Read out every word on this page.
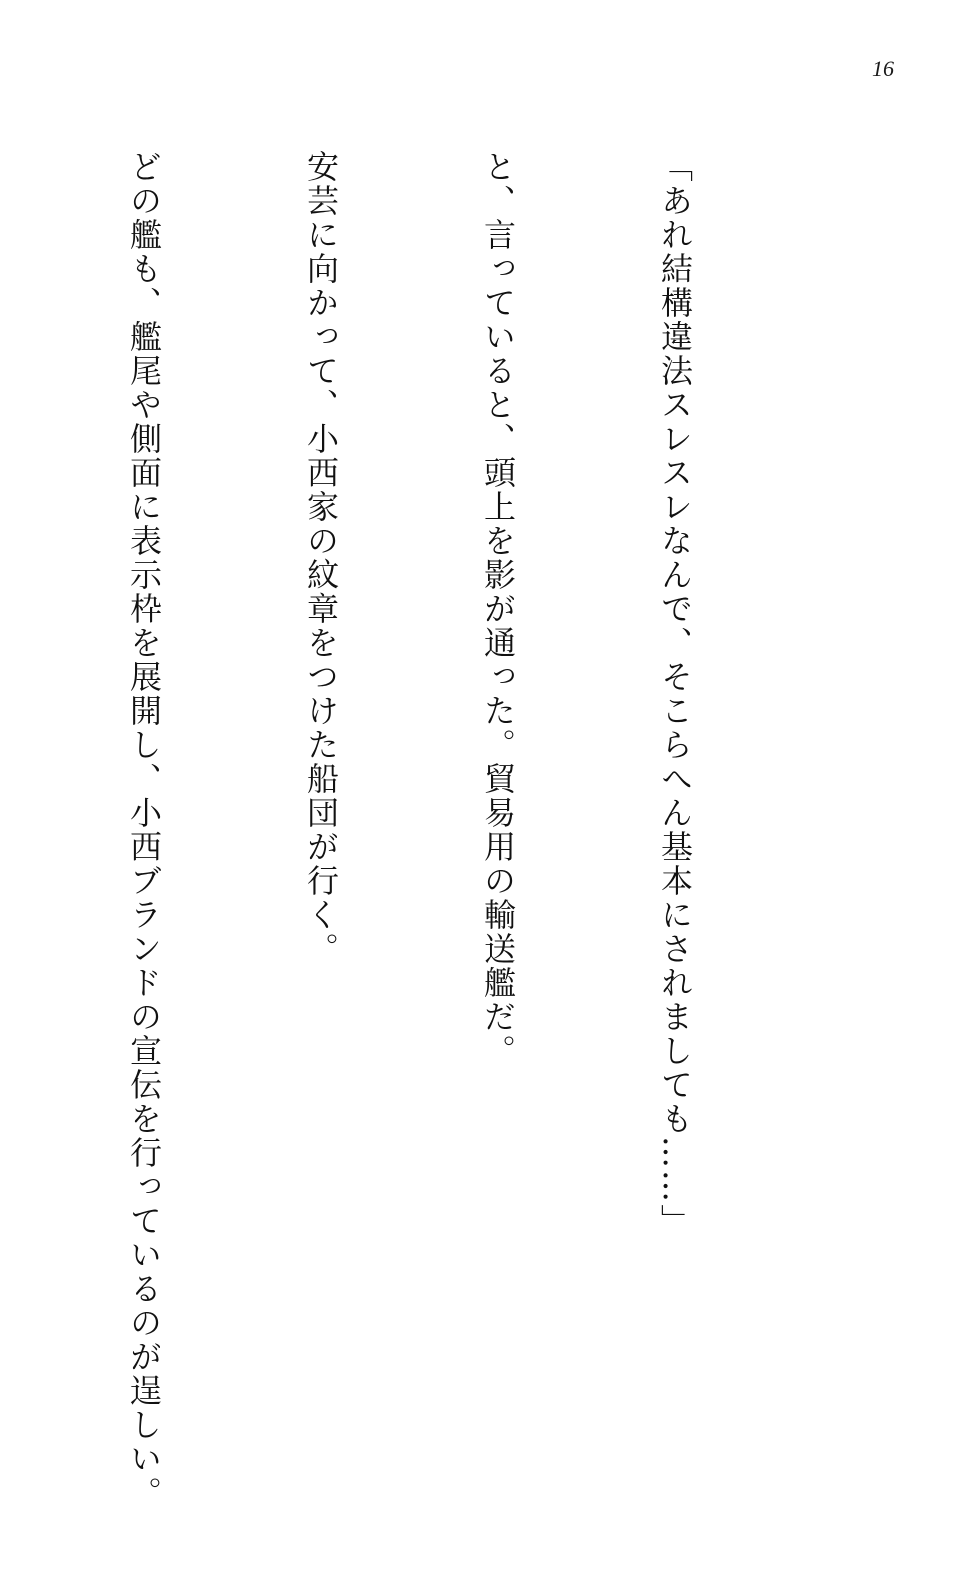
16

「あれ結構違法スレスレなんで、そこらへん基本にされましても……」

と、言っていると、頭上を影が通った。貿易用の輸送艦だ。

安芸に向かって、小西家の紋章をつけた船団が行く。

どの艦も、艦尾や側面に表示枠を展開し、小西ブランドの宣伝を行っているのが逞しい。
